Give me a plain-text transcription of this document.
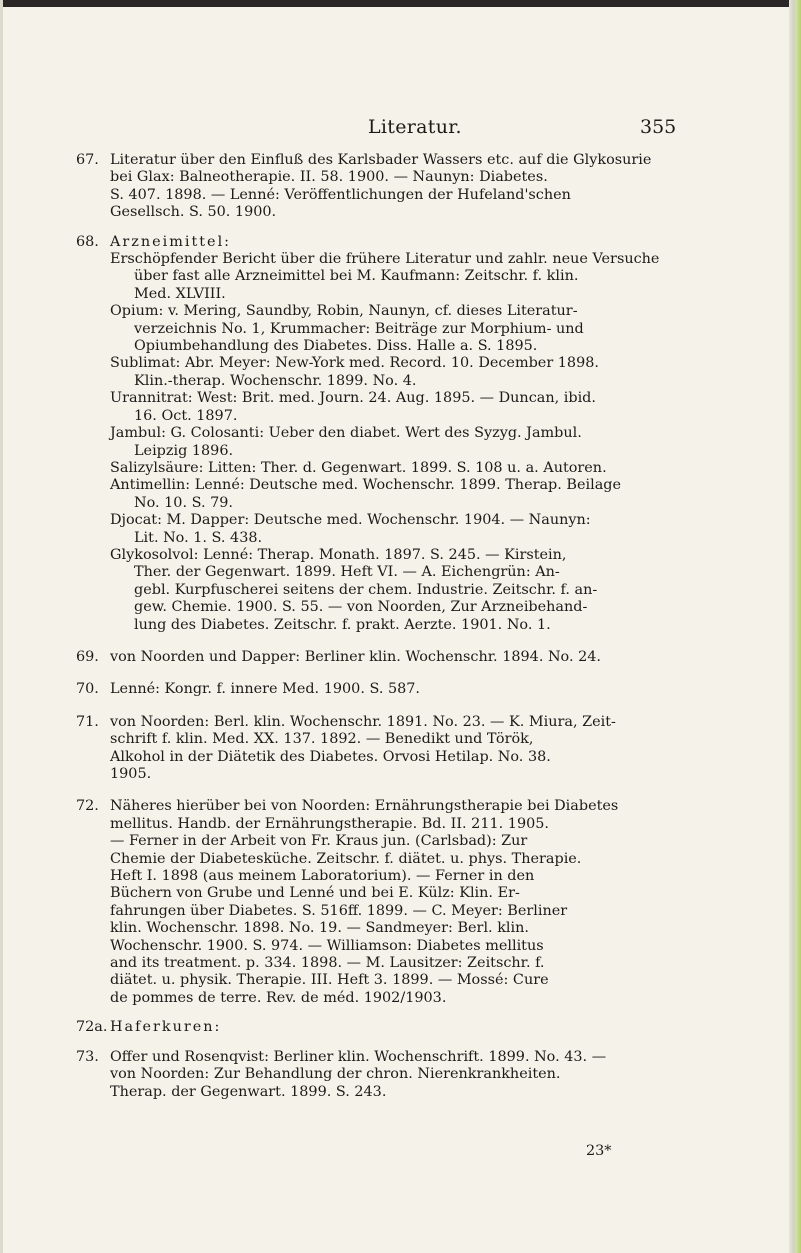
Literatur.	355
67. Literatur über den Einfluß des Karlsbader Wassers etc. auf die Glykosurie
bei Glax: Balneotherapie. II. 58. 1900. — Naunyn: Diabetes.
S. 407. 1898. — Lenné: Veröffentlichungen der Hufeland'schen
Gesellsch. S. 50. 1900.
68. Arzneimittel:
Erschöpfender Bericht über die frühere Literatur und zahlr. neue Versuche
über fast alle Arzneimittel bei M. Kaufmann: Zeitschr. f. klin.
Med. XLVIII.
Opium: v. Mering, Saundby, Robin, Naunyn, cf. dieses Literatur-
verzeichnis No. 1, Krummacher: Beiträge zur Morphium- und
Opiumbehandlung des Diabetes. Diss. Halle a. S. 1895.
Sublimat: Abr. Meyer: New-York med. Record. 10. December 1898.
Klin.-therap. Wochenschr. 1899. No. 4.
Urannitrat: West: Brit. med. Journ. 24. Aug. 1895. — Duncan, ibid.
16. Oct. 1897.
Jambul: G. Colosanti: Ueber den diabet. Wert des Syzyg. Jambul.
Leipzig 1896.
Salizylsäure: Litten: Ther. d. Gegenwart. 1899. S. 108 u. a. Autoren.
Antimellin: Lenné: Deutsche med. Wochenschr. 1899. Therap. Beilage
No. 10. S. 79.
Djocat: M. Dapper: Deutsche med. Wochenschr. 1904. — Naunyn:
Lit. No. 1. S. 438.
Glykosolvol: Lenné: Therap. Monath. 1897. S. 245. — Kirstein,
Ther. der Gegenwart. 1899. Heft VI. — A. Eichengrün: An-
gebl. Kurpfuscherei seitens der chem. Industrie. Zeitschr. f. an-
gew. Chemie. 1900. S. 55. — von Noorden, Zur Arzneibehand-
lung des Diabetes. Zeitschr. f. prakt. Aerzte. 1901. No. 1.
69. von Noorden und Dapper: Berliner klin. Wochenschr. 1894. No. 24.
70. Lenné: Kongr. f. innere Med. 1900. S. 587.
71. von Noorden: Berl. klin. Wochenschr. 1891. No. 23. — K. Miura, Zeit-
schrift f. klin. Med. XX. 137. 1892. — Benedikt und Török,
Alkohol in der Diätetik des Diabetes. Orvosi Hetilap. No. 38.
1905.
72. Näheres hierüber bei von Noorden: Ernährungstherapie bei Diabetes
mellitus. Handb. der Ernährungstherapie. Bd. II. 211. 1905.
— Ferner in der Arbeit von Fr. Kraus jun. (Carlsbad): Zur
Chemie der Diabetesküche. Zeitschr. f. diätet. u. phys. Therapie.
Heft I. 1898 (aus meinem Laboratorium). — Ferner in den
Büchern von Grube und Lenné und bei E. Külz: Klin. Er-
fahrungen über Diabetes. S. 516ff. 1899. — C. Meyer: Berliner
klin. Wochenschr. 1898. No. 19. — Sandmeyer: Berl. klin.
Wochenschr. 1900. S. 974. — Williamson: Diabetes mellitus
and its treatment. p. 334. 1898. — M. Lausitzer: Zeitschr. f.
diätet. u. physik. Therapie. III. Heft 3. 1899. — Mossé: Cure
de pommes de terre. Rev. de méd. 1902/1903.
72a. Haferkuren:
73. Offer und Rosenqvist: Berliner klin. Wochenschrift. 1899. No. 43. —
von Noorden: Zur Behandlung der chron. Nierenkrankheiten.
Therap. der Gegenwart. 1899. S. 243.
23*
